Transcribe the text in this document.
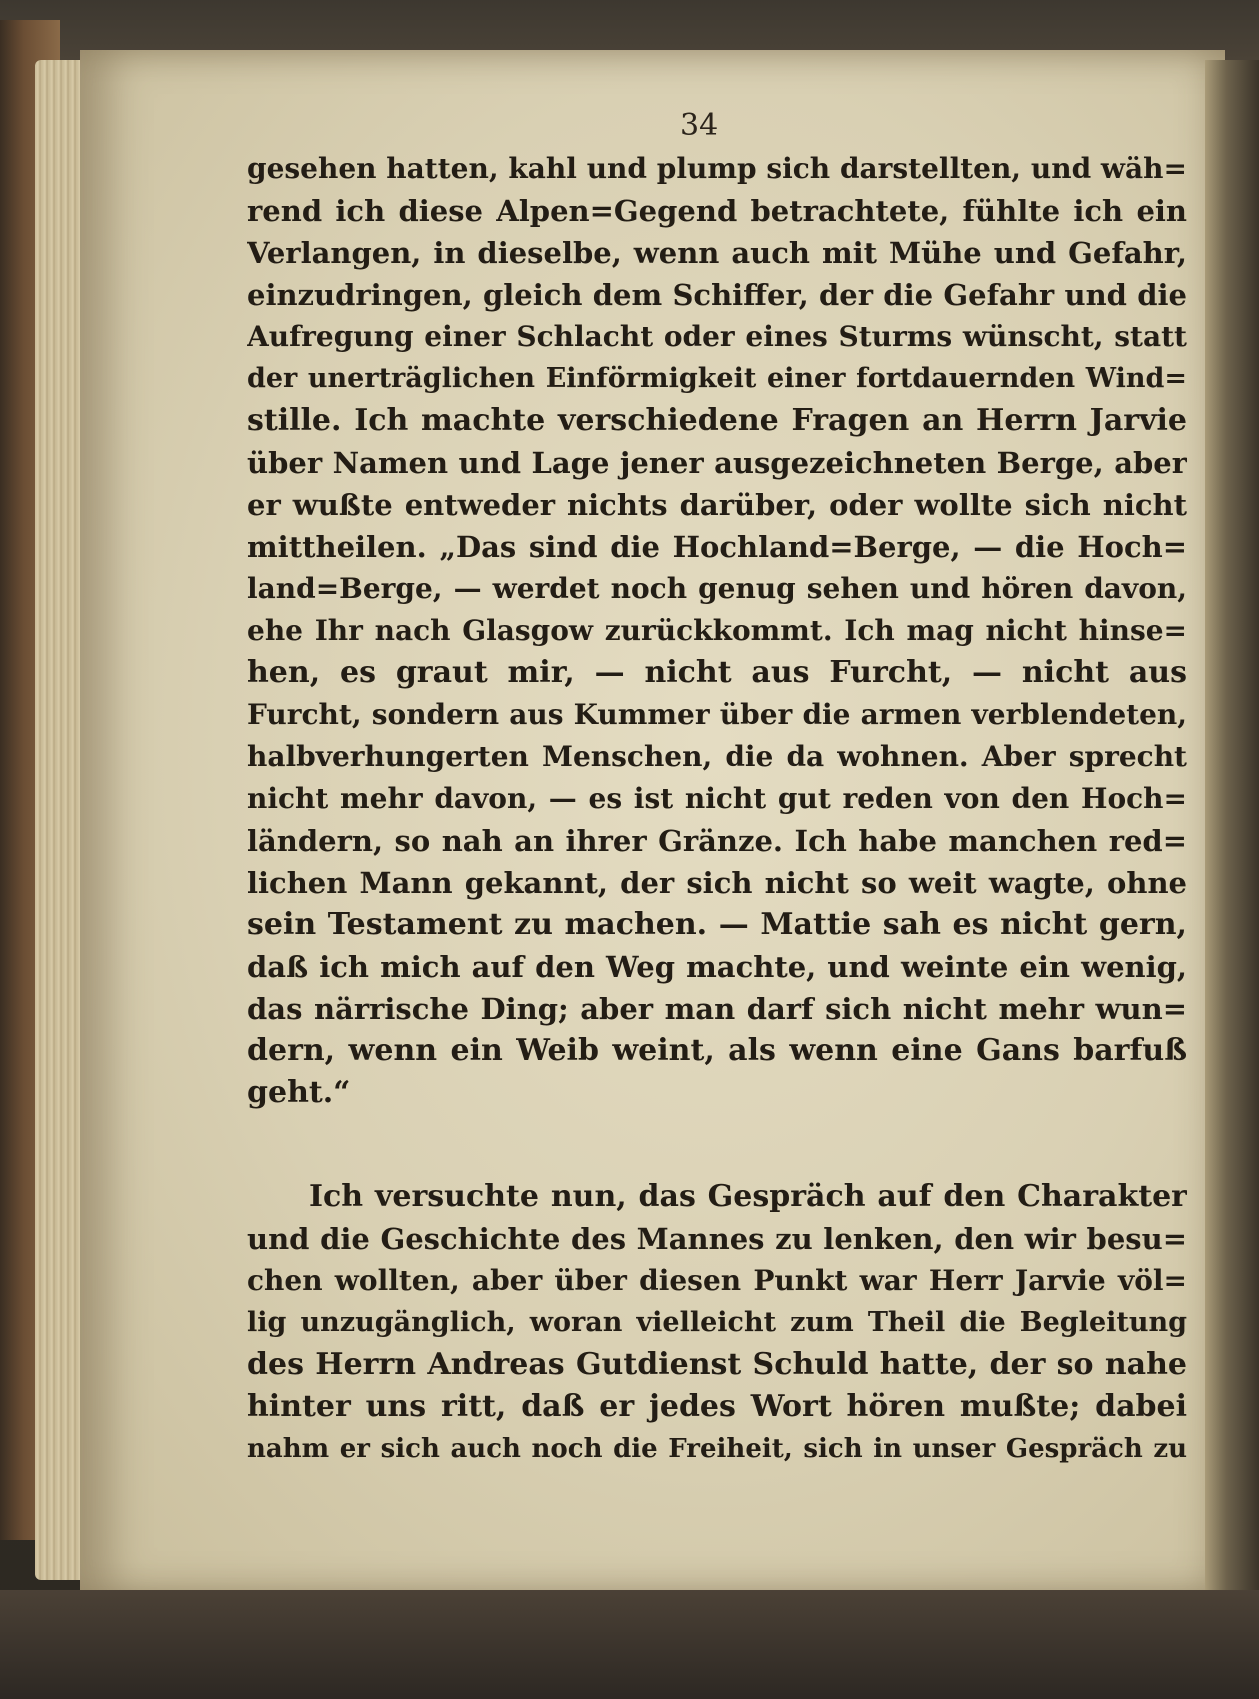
34
gesehen hatten, kahl und plump sich darstellten, und wäh=
rend ich diese Alpen=Gegend betrachtete, fühlte ich ein
Verlangen, in dieselbe, wenn auch mit Mühe und Gefahr,
einzudringen, gleich dem Schiffer, der die Gefahr und die
Aufregung einer Schlacht oder eines Sturms wünscht, statt
der unerträglichen Einförmigkeit einer fortdauernden Wind=
stille. Ich machte verschiedene Fragen an Herrn Jarvie
über Namen und Lage jener ausgezeichneten Berge, aber
er wußte entweder nichts darüber, oder wollte sich nicht
mittheilen. „Das sind die Hochland=Berge, — die Hoch=
land=Berge, — werdet noch genug sehen und hören davon,
ehe Ihr nach Glasgow zurückkommt. Ich mag nicht hinse=
hen, es graut mir, — nicht aus Furcht, — nicht aus
Furcht, sondern aus Kummer über die armen verblendeten,
halbverhungerten Menschen, die da wohnen. Aber sprecht
nicht mehr davon, — es ist nicht gut reden von den Hoch=
ländern, so nah an ihrer Gränze. Ich habe manchen red=
lichen Mann gekannt, der sich nicht so weit wagte, ohne
sein Testament zu machen. — Mattie sah es nicht gern,
daß ich mich auf den Weg machte, und weinte ein wenig,
das närrische Ding; aber man darf sich nicht mehr wun=
dern, wenn ein Weib weint, als wenn eine Gans barfuß
geht.“
Ich versuchte nun, das Gespräch auf den Charakter
und die Geschichte des Mannes zu lenken, den wir besu=
chen wollten, aber über diesen Punkt war Herr Jarvie völ=
lig unzugänglich, woran vielleicht zum Theil die Begleitung
des Herrn Andreas Gutdienst Schuld hatte, der so nahe
hinter uns ritt, daß er jedes Wort hören mußte; dabei
nahm er sich auch noch die Freiheit, sich in unser Gespräch zu
